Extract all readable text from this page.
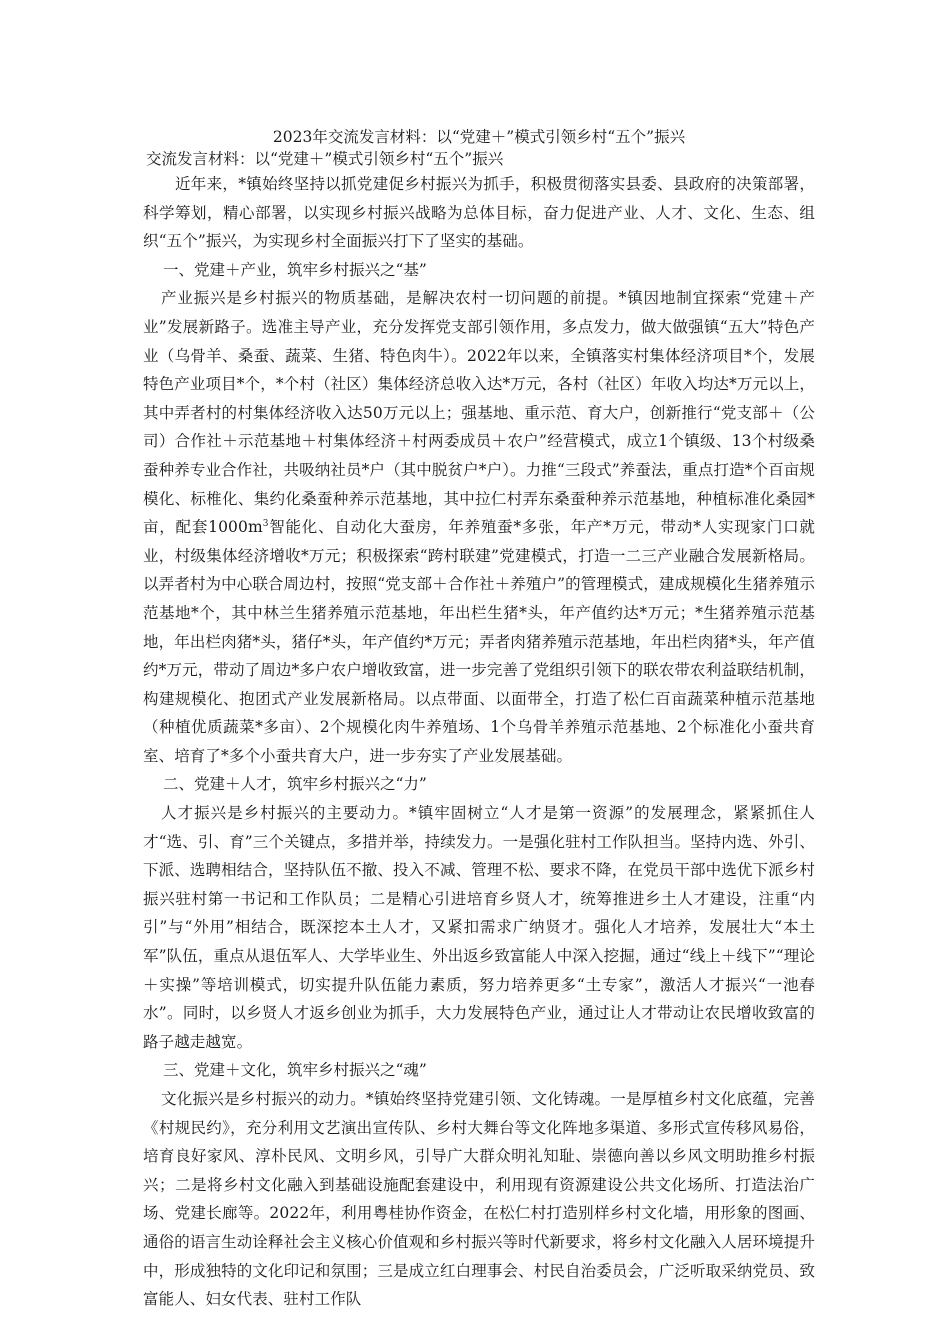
2023年交流发言材料：以“党建＋”模式引领乡村“五个”振兴

交流发言材料：以“党建＋”模式引领乡村“五个”振兴

近年来，*镇始终坚持以抓党建促乡村振兴为抓手，积极贯彻落实县委、县政府的决策部署，科学筹划，精心部署，以实现乡村振兴战略为总体目标，奋力促进产业、人才、文化、生态、组织“五个”振兴，为实现乡村全面振兴打下了坚实的基础。

一、党建＋产业，筑牢乡村振兴之“基”

产业振兴是乡村振兴的物质基础，是解决农村一切问题的前提。*镇因地制宜探索“党建＋产业”发展新路子。选准主导产业，充分发挥党支部引领作用，多点发力，做大做强镇“五大”特色产业（乌骨羊、桑蚕、蔬菜、生猪、特色肉牛）。2022年以来，全镇落实村集体经济项目*个，发展特色产业项目*个，*个村（社区）集体经济总收入达*万元，各村（社区）年收入均达*万元以上，其中弄者村的村集体经济收入达50万元以上；强基地、重示范、育大户，创新推行“党支部＋（公司）合作社＋示范基地＋村集体经济＋村两委成员＋农户”经营模式，成立1个镇级、13个村级桑蚕种养专业合作社，共吸纳社员*户（其中脱贫户*户）。力推“三段式”养蚕法，重点打造*个百亩规模化、标椎化、集约化桑蚕种养示范基地，其中拉仁村弄东桑蚕种养示范基地，种植标准化桑园*亩，配套$1000m^3$智能化、自动化大蚕房，年养殖蚕*多张，年产*万元，带动*人实现家门口就业，村级集体经济增收*万元；积极探索“跨村联建”党建模式，打造一二三产业融合发展新格局。以弄者村为中心联合周边村，按照“党支部＋合作社＋养殖户”的管理模式，建成规模化生猪养殖示范基地*个，其中林兰生猪养殖示范基地，年出栏生猪*头，年产值约达*万元；*生猪养殖示范基地，年出栏肉猪*头，猪仔*头，年产值约*万元；弄者肉猪养殖示范基地，年出栏肉猪*头，年产值约*万元，带动了周边*多户农户增收致富，进一步完善了党组织引领下的联农带农利益联结机制，构建规模化、抱团式产业发展新格局。以点带面、以面带全，打造了松仁百亩蔬菜种植示范基地（种植优质蔬菜*多亩）、2个规模化肉牛养殖场、1个乌骨羊养殖示范基地、2个标准化小蚕共育室、培育了*多个小蚕共育大户，进一步夯实了产业发展基础。

二、党建＋人才，筑牢乡村振兴之“力”

人才振兴是乡村振兴的主要动力。*镇牢固树立“人才是第一资源”的发展理念，紧紧抓住人才“选、引、育”三个关键点，多措并举，持续发力。一是强化驻村工作队担当。坚持内选、外引、下派、选聘相结合，坚持队伍不撤、投入不减、管理不松、要求不降，在党员干部中选优下派乡村振兴驻村第一书记和工作队员；二是精心引进培育乡贤人才，统筹推进乡土人才建设，注重“内引”与“外用”相结合，既深挖本土人才，又紧扣需求广纳贤才。强化人才培养，发展壮大“本土军”队伍，重点从退伍军人、大学毕业生、外出返乡致富能人中深入挖掘，通过“线上＋线下”“理论＋实操”等培训模式，切实提升队伍能力素质，努力培养更多“土专家”，激活人才振兴“一池春水”。同时，以乡贤人才返乡创业为抓手，大力发展特色产业，通过让人才带动让农民增收致富的路子越走越宽。

三、党建＋文化，筑牢乡村振兴之“魂”

文化振兴是乡村振兴的动力。*镇始终坚持党建引领、文化铸魂。一是厚植乡村文化底蕴，完善《村规民约》，充分利用文艺演出宣传队、乡村大舞台等文化阵地多渠道、多形式宣传移风易俗，培育良好家风、淳朴民风、文明乡风，引导广大群众明礼知耻、崇德向善以乡风文明助推乡村振兴；二是将乡村文化融入到基础设施配套建设中，利用现有资源建设公共文化场所、打造法治广场、党建长廊等。2022年，利用粤桂协作资金，在松仁村打造别样乡村文化墙，用形象的图画、通俗的语言生动诠释社会主义核心价值观和乡村振兴等时代新要求，将乡村文化融入人居环境提升中，形成独特的文化印记和氛围；三是成立红白理事会、村民自治委员会，广泛听取采纳党员、致富能人、妇女代表、驻村工作队
